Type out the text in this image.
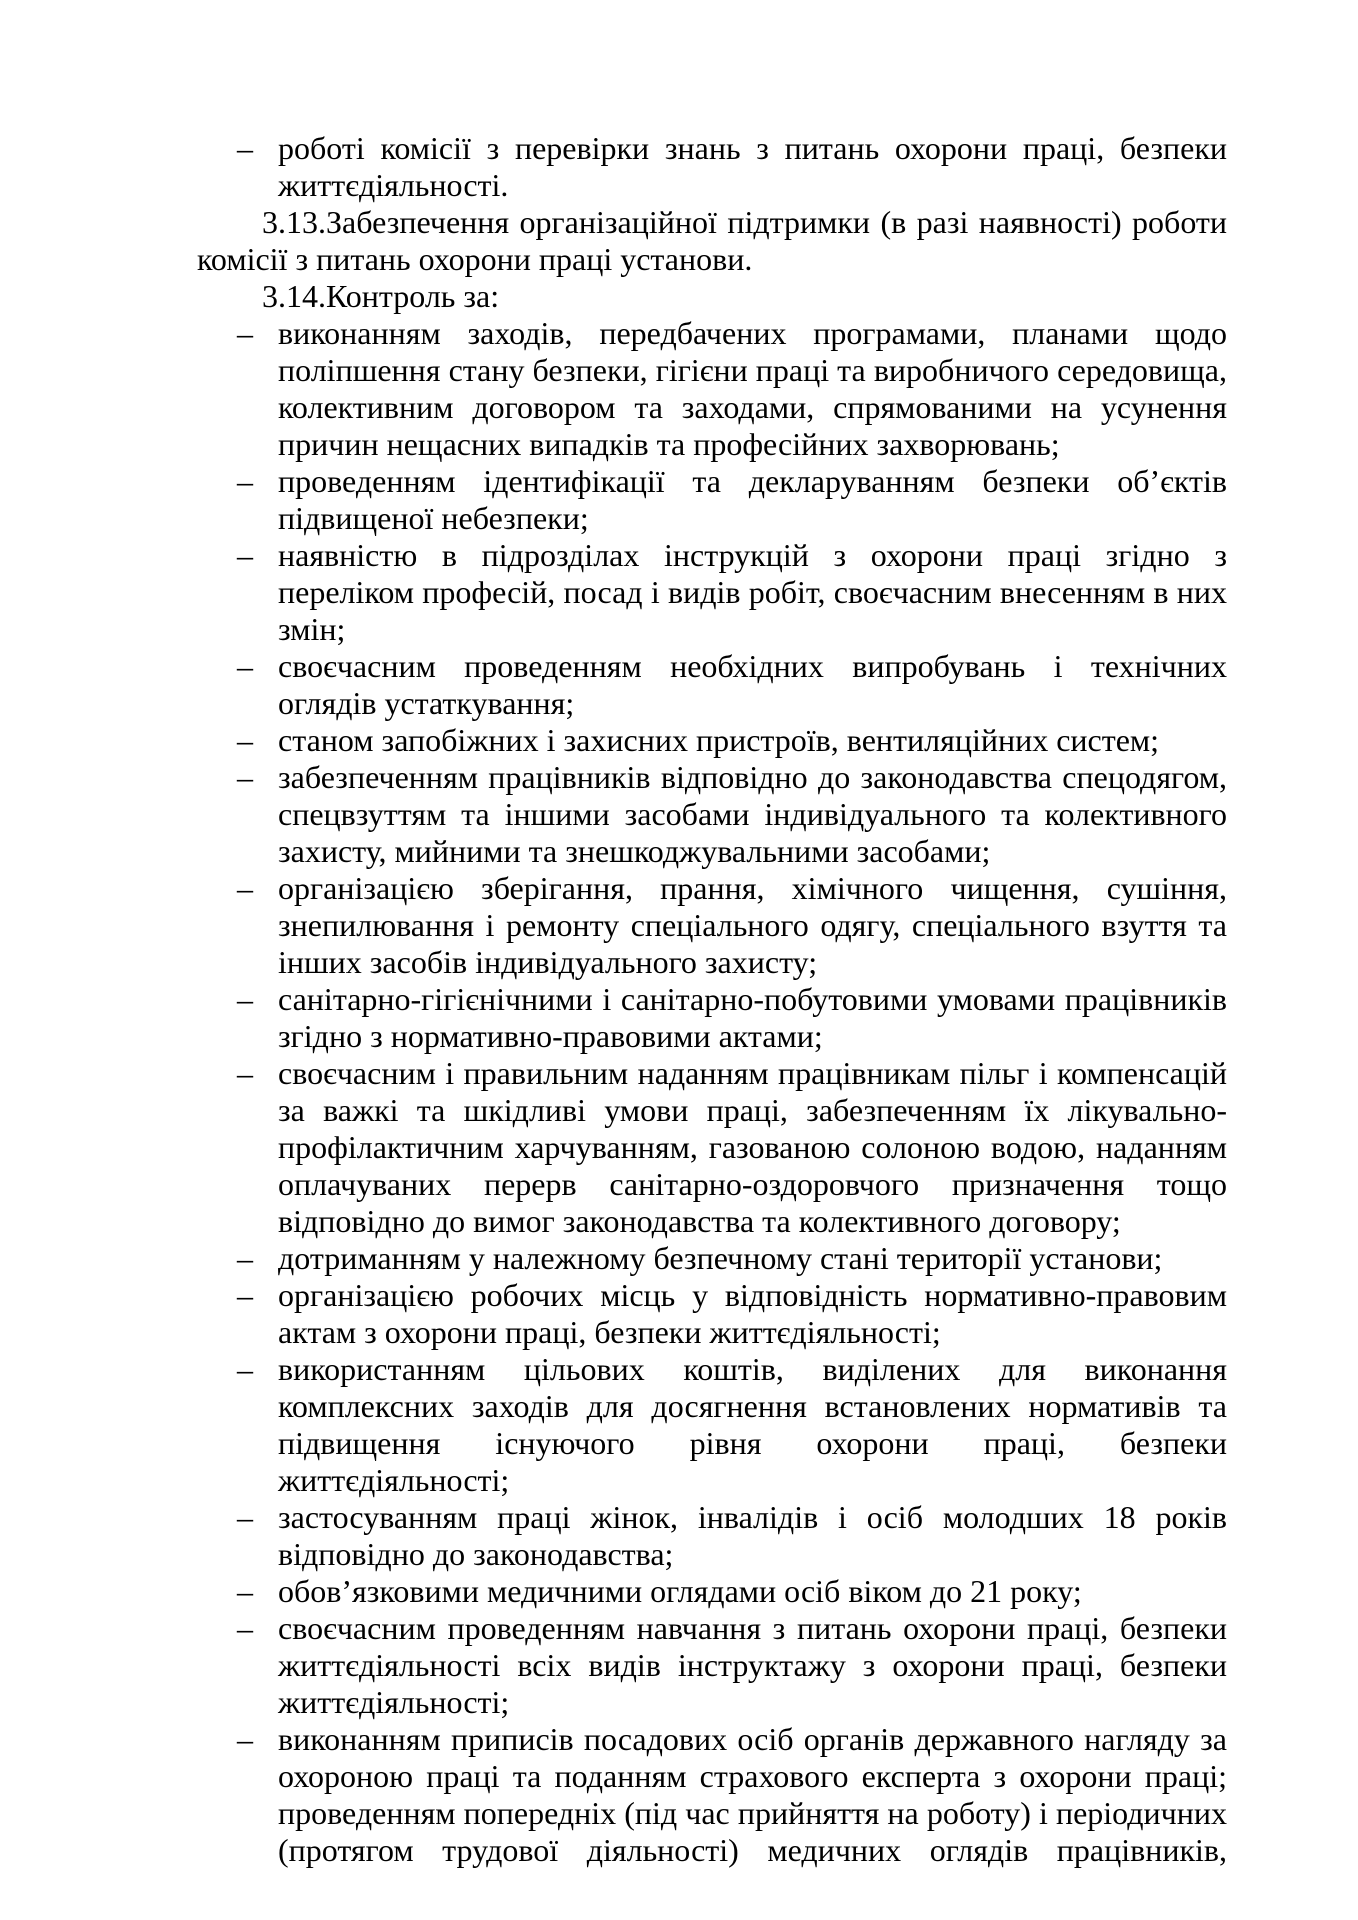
– роботі комісії з перевірки знань з питань охорони праці, безпеки життєдіяльності.

3.13.Забезпечення організаційної підтримки (в разі наявності) роботи комісії з питань охорони праці установи.

3.14.Контроль за:

– виконанням заходів, передбачених програмами, планами щодо поліпшення стану безпеки, гігієни праці та виробничого середовища, колективним договором та заходами, спрямованими на усунення причин нещасних випадків та професійних захворювань;
– проведенням ідентифікації та декларуванням безпеки об’єктів підвищеної небезпеки;
– наявністю в підрозділах інструкцій з охорони праці згідно з переліком професій, посад і видів робіт, своєчасним внесенням в них змін;
– своєчасним проведенням необхідних випробувань і технічних оглядів устаткування;
– станом запобіжних і захисних пристроїв, вентиляційних систем;
– забезпеченням працівників відповідно до законодавства спецодягом, спецвзуттям та іншими засобами індивідуального та колективного захисту, мийними та знешкоджувальними засобами;
– організацією зберігання, прання, хімічного чищення, сушіння, знепилювання і ремонту спеціального одягу, спеціального взуття та інших засобів індивідуального захисту;
– санітарно-гігієнічними і санітарно-побутовими умовами працівників згідно з нормативно-правовими актами;
– своєчасним і правильним наданням працівникам пільг і компенсацій за важкі та шкідливі умови праці, забезпеченням їх лікувально-профілактичним харчуванням, газованою солоною водою, наданням оплачуваних перерв санітарно-оздоровчого призначення тощо відповідно до вимог законодавства та колективного договору;
– дотриманням у належному безпечному стані території установи;
– організацією робочих місць у відповідність нормативно-правовим актам з охорони праці, безпеки життєдіяльності;
– використанням цільових коштів, виділених для виконання комплексних заходів для досягнення встановлених нормативів та підвищення існуючого рівня охорони праці, безпеки життєдіяльності;
– застосуванням праці жінок, інвалідів і осіб молодших 18 років відповідно до законодавства;
– обов’язковими медичними оглядами осіб віком до 21 року;
– своєчасним проведенням навчання з питань охорони праці, безпеки життєдіяльності всіх видів інструктажу з охорони праці, безпеки життєдіяльності;
– виконанням приписів посадових осіб органів державного нагляду за охороною праці та поданням страхового експерта з охорони праці; проведенням попередніх (під час прийняття на роботу) і періодичних (протягом трудової діяльності) медичних оглядів працівників,
